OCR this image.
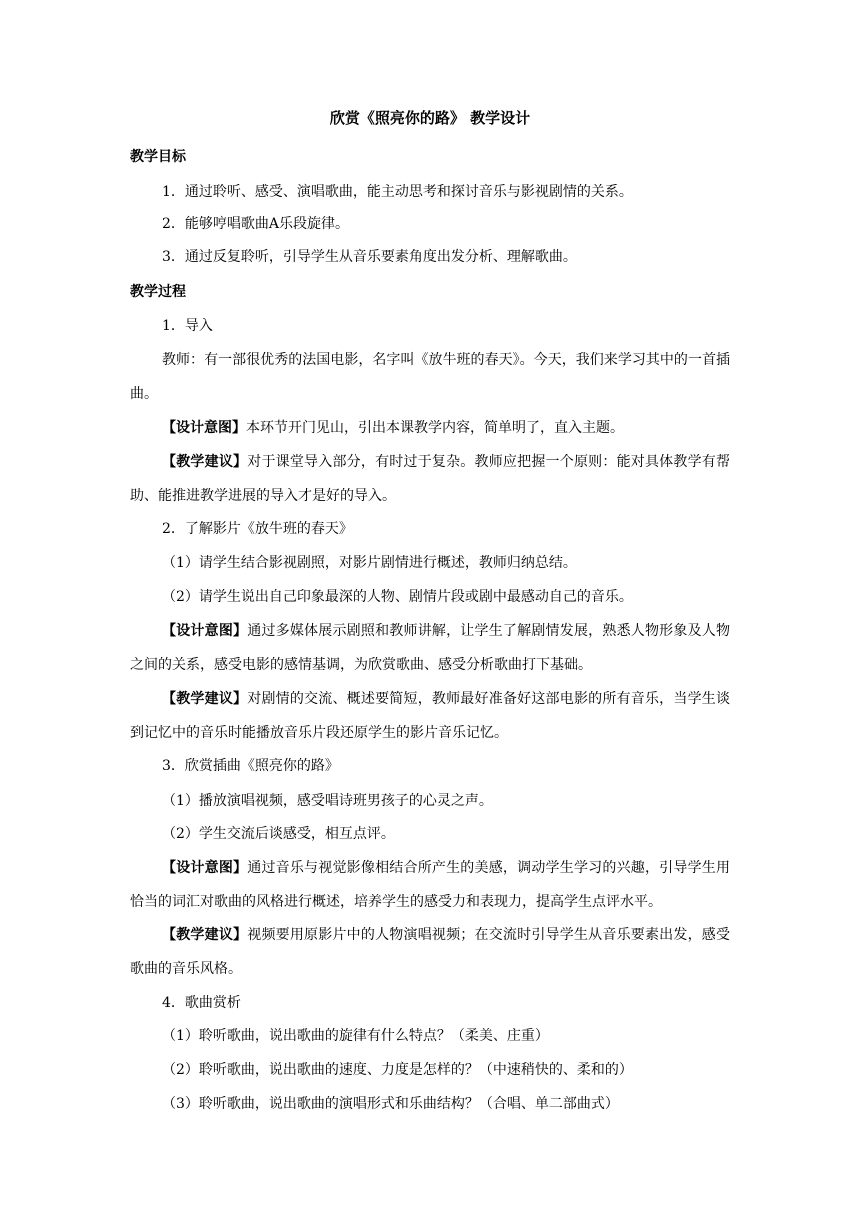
欣赏《照亮你的路》 教学设计
教学目标
1．通过聆听、感受、演唱歌曲，能主动思考和探讨音乐与影视剧情的关系。
2．能够哼唱歌曲A乐段旋律。
3．通过反复聆听，引导学生从音乐要素角度出发分析、理解歌曲。
教学过程
1．导入
教师：有一部很优秀的法国电影，名字叫《放牛班的春天》。今天，我们来学习其中的一首插曲。
【设计意图】本环节开门见山，引出本课教学内容，简单明了，直入主题。
【教学建议】对于课堂导入部分，有时过于复杂。教师应把握一个原则：能对具体教学有帮助、能推进教学进展的导入才是好的导入。
2．了解影片《放牛班的春天》
（1）请学生结合影视剧照，对影片剧情进行概述，教师归纳总结。
（2）请学生说出自己印象最深的人物、剧情片段或剧中最感动自己的音乐。
【设计意图】通过多媒体展示剧照和教师讲解，让学生了解剧情发展，熟悉人物形象及人物之间的关系，感受电影的感情基调，为欣赏歌曲、感受分析歌曲打下基础。
【教学建议】对剧情的交流、概述要简短，教师最好准备好这部电影的所有音乐，当学生谈到记忆中的音乐时能播放音乐片段还原学生的影片音乐记忆。
3．欣赏插曲《照亮你的路》
（1）播放演唱视频，感受唱诗班男孩子的心灵之声。
（2）学生交流后谈感受，相互点评。
【设计意图】通过音乐与视觉影像相结合所产生的美感，调动学生学习的兴趣，引导学生用恰当的词汇对歌曲的风格进行概述，培养学生的感受力和表现力，提高学生点评水平。
【教学建议】视频要用原影片中的人物演唱视频；在交流时引导学生从音乐要素出发，感受歌曲的音乐风格。
4．歌曲赏析
（1）聆听歌曲，说出歌曲的旋律有什么特点？（柔美、庄重）
（2）聆听歌曲，说出歌曲的速度、力度是怎样的？（中速稍快的、柔和的）
（3）聆听歌曲，说出歌曲的演唱形式和乐曲结构？（合唱、单二部曲式）
